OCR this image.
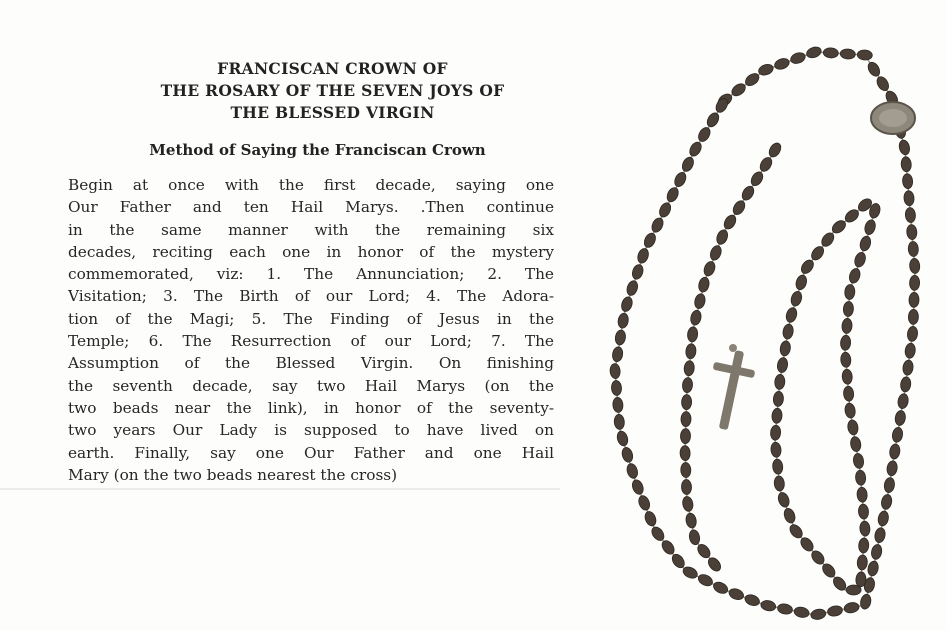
FRANCISCAN CROWN OF
THE ROSARY OF THE SEVEN JOYS OF
THE BLESSED VIRGIN
Method of Saying the Franciscan Crown
Begin at once with the first decade, saying one
Our Father and ten Hail Marys. .Then continue
in the same manner with the remaining six
decades, reciting each one in honor of the mystery
commemorated, viz: 1. The Annunciation; 2. The
Visitation; 3. The Birth of our Lord; 4. The Adora-
tion of the Magi; 5. The Finding of Jesus in the
Temple; 6. The Resurrection of our Lord; 7. The
Assumption of the Blessed Virgin. On finishing
the seventh decade, say two Hail Marys (on the
two beads near the link), in honor of the seventy-
two years Our Lady is supposed to have lived on
earth. Finally, say one Our Father and one Hail
Mary (on the two beads nearest the cross)
